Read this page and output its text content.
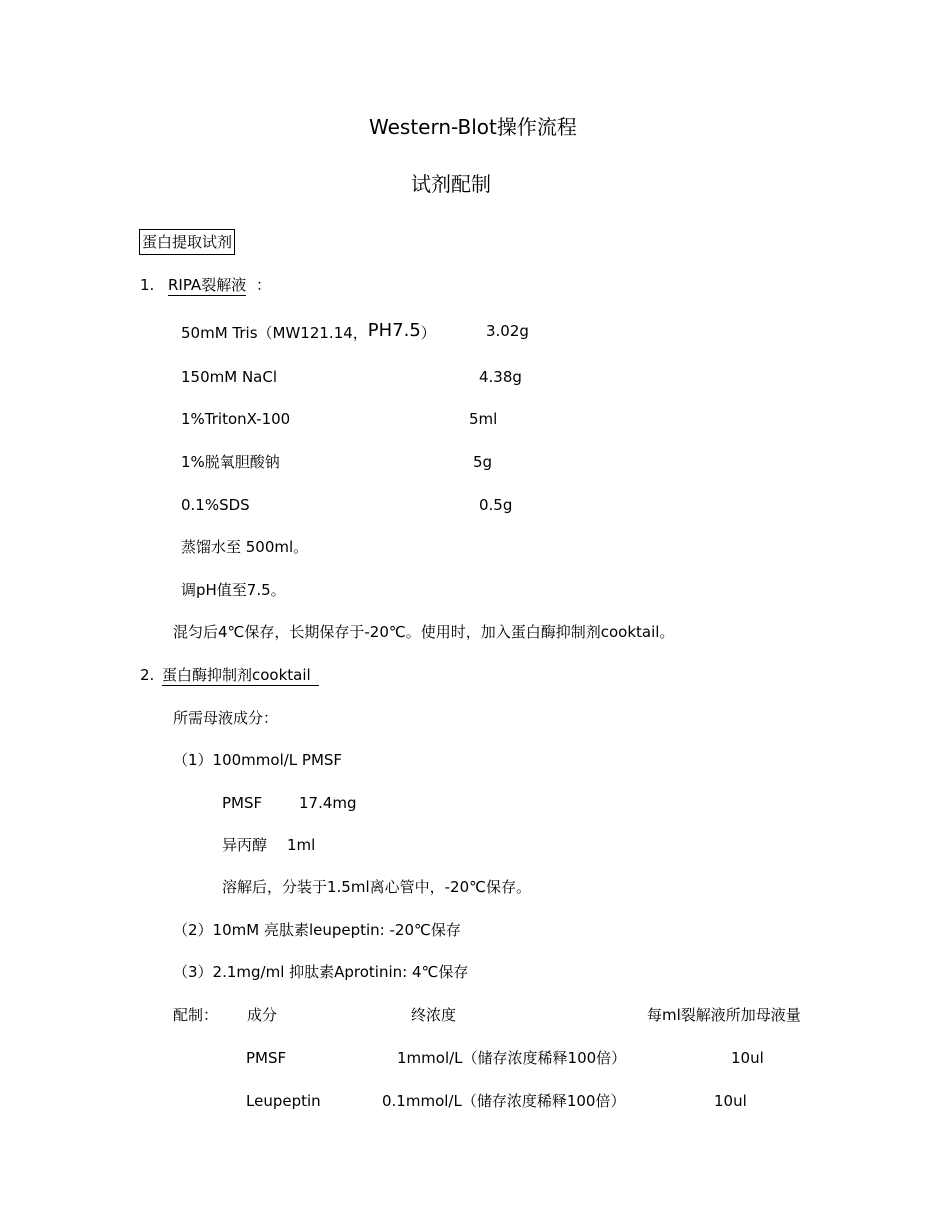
Western-Blot操作流程
试剂配制
蛋白提取试剂
1. RIPA裂解液 ：
50mM Tris（MW121.14，PH7.5）	3.02g
150mM NaCl	4.38g
1%TritonX-100	5ml
1%脱氧胆酸钠	5g
0.1%SDS	0.5g
蒸馏水至 500ml。
调pH值至7.5。
混匀后4℃保存，长期保存于-20℃。使用时，加入蛋白酶抑制剂cooktail。
2. 蛋白酶抑制剂cooktail
所需母液成分：
（1）100mmol/L PMSF
PMSF 17.4mg
异丙醇 1ml
溶解后，分装于1.5ml离心管中，-20℃保存。
（2）10mM 亮肽素leupeptin: -20℃保存
（3）2.1mg/ml 抑肽素Aprotinin: 4℃保存
配制： 成分	终浓度	每ml裂解液所加母液量
PMSF	1mmol/L（储存浓度稀释100倍）	10ul
Leupeptin	0.1mmol/L（储存浓度稀释100倍）	10ul
